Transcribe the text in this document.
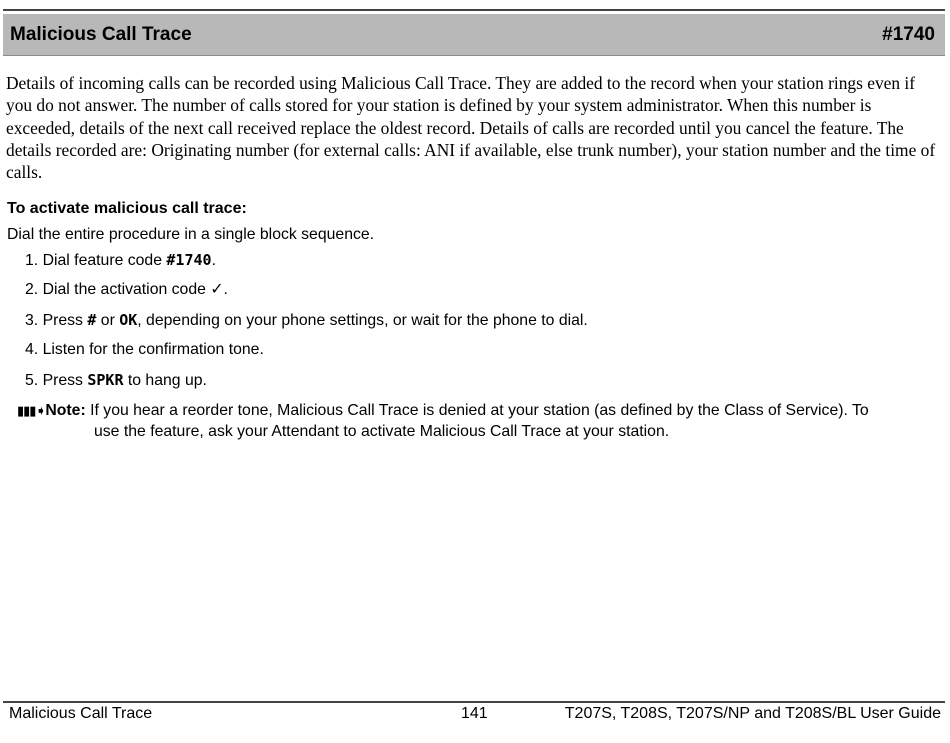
Malicious Call Trace	#1740

Details of incoming calls can be recorded using Malicious Call Trace. They are added to the record when your station rings even if you do not answer. The number of calls stored for your station is defined by your system administrator. When this number is exceeded, details of the next call received replace the oldest record. Details of calls are recorded until you cancel the feature. The details recorded are: Originating number (for external calls: ANI if available, else trunk number), your station number and the time of calls.

To activate malicious call trace:

Dial the entire procedure in a single block sequence.

1. Dial feature code #1740.
2. Dial the activation code ✓.
3. Press # or OK, depending on your phone settings, or wait for the phone to dial.
4. Listen for the confirmation tone.
5. Press SPKR to hang up.
▮▮▮➧Note: If you hear a reorder tone, Malicious Call Trace is denied at your station (as defined by the Class of Service). To
use the feature, ask your Attendant to activate Malicious Call Trace at your station.
Malicious Call Trace	141	T207S, T208S, T207S/NP and T208S/BL User Guide
